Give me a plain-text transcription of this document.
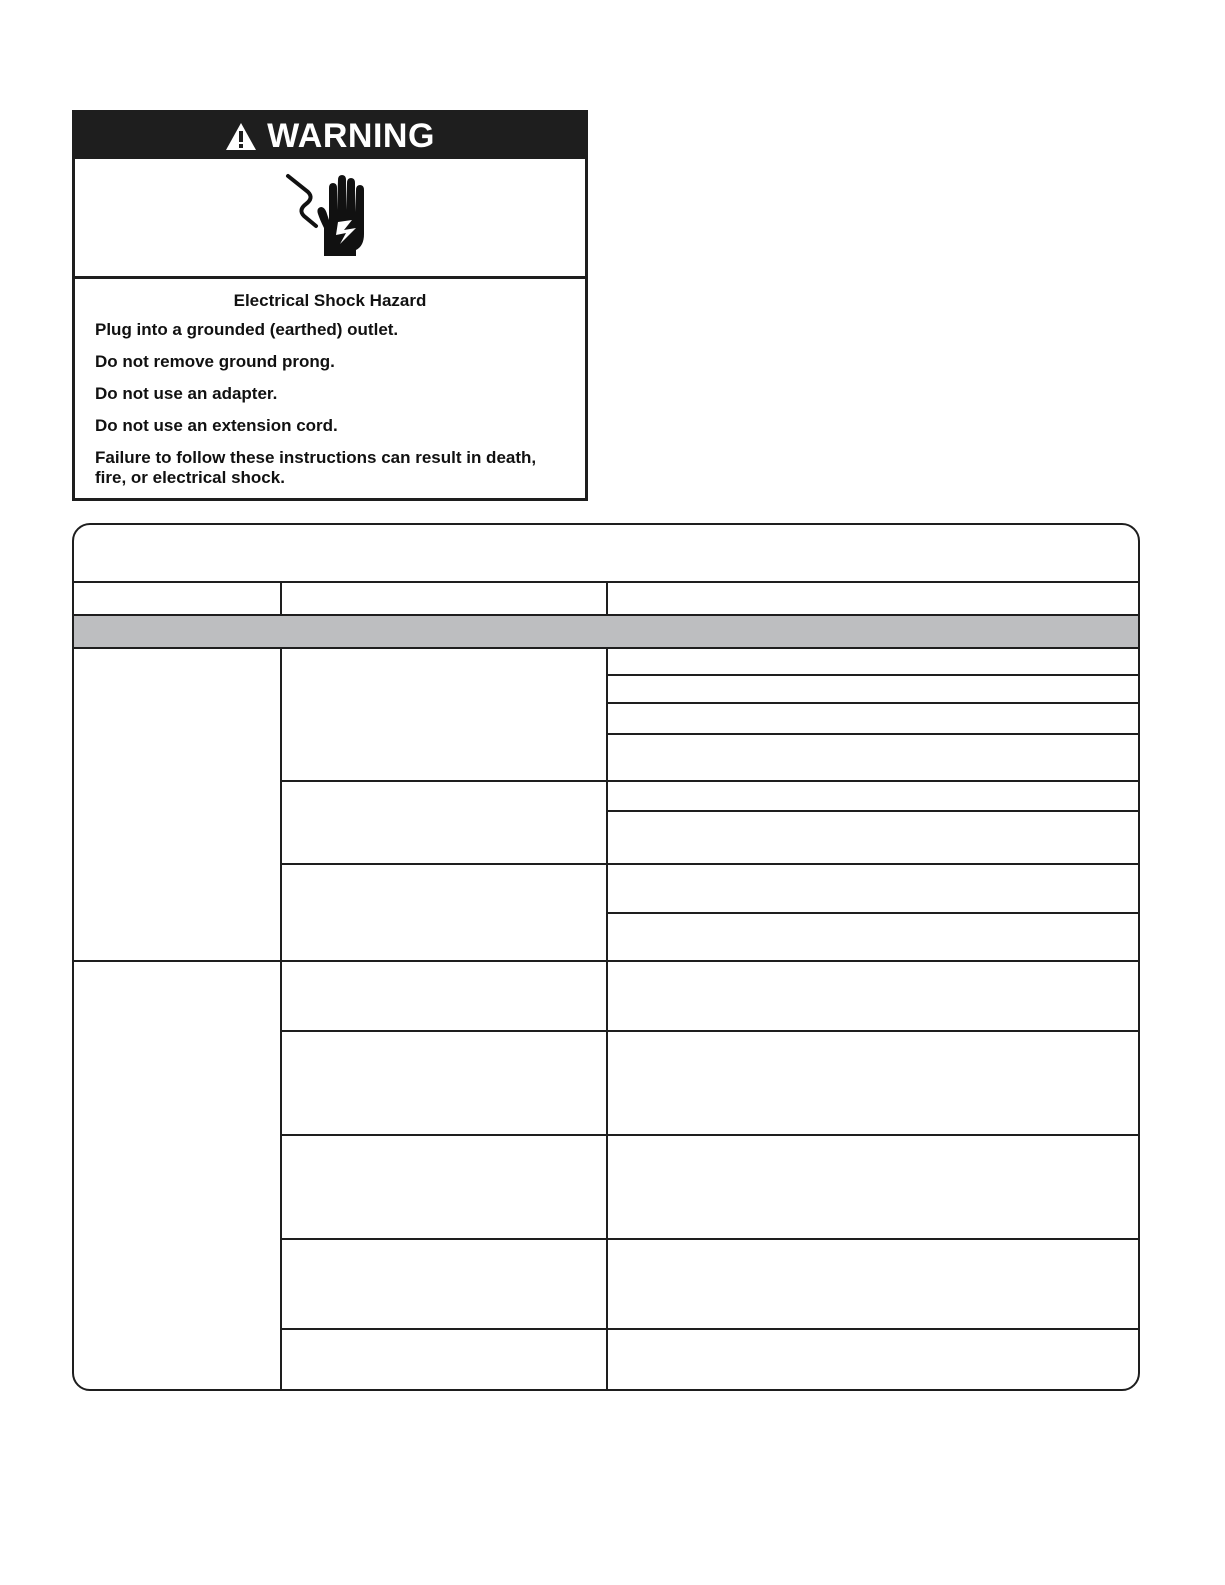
WARNING

Electrical Shock Hazard

Plug into a grounded (earthed) outlet.

Do not remove ground prong.

Do not use an adapter.

Do not use an extension cord.

Failure to follow these instructions can result in death, fire, or electrical shock.
